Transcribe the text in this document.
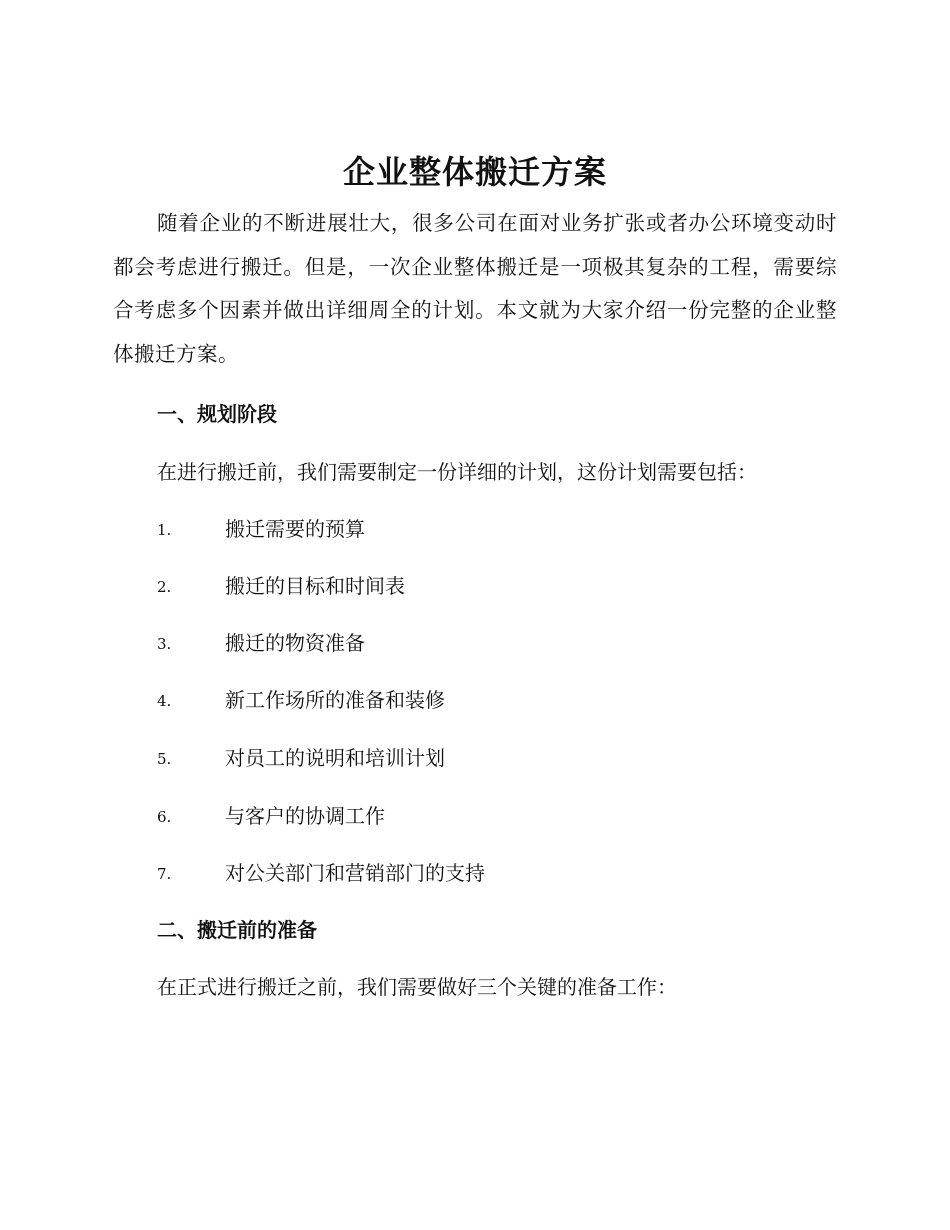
企业整体搬迁方案

随着企业的不断进展壮大，很多公司在面对业务扩张或者办公环境变动时都会考虑进行搬迁。但是，一次企业整体搬迁是一项极其复杂的工程，需要综合考虑多个因素并做出详细周全的计划。本文就为大家介绍一份完整的企业整体搬迁方案。

一、规划阶段

在进行搬迁前，我们需要制定一份详细的计划，这份计划需要包括：

1.	搬迁需要的预算
2.	搬迁的目标和时间表
3.	搬迁的物资准备
4.	新工作场所的准备和装修
5.	对员工的说明和培训计划
6.	与客户的协调工作
7.	对公关部门和营销部门的支持
二、搬迁前的准备

在正式进行搬迁之前，我们需要做好三个关键的准备工作：
